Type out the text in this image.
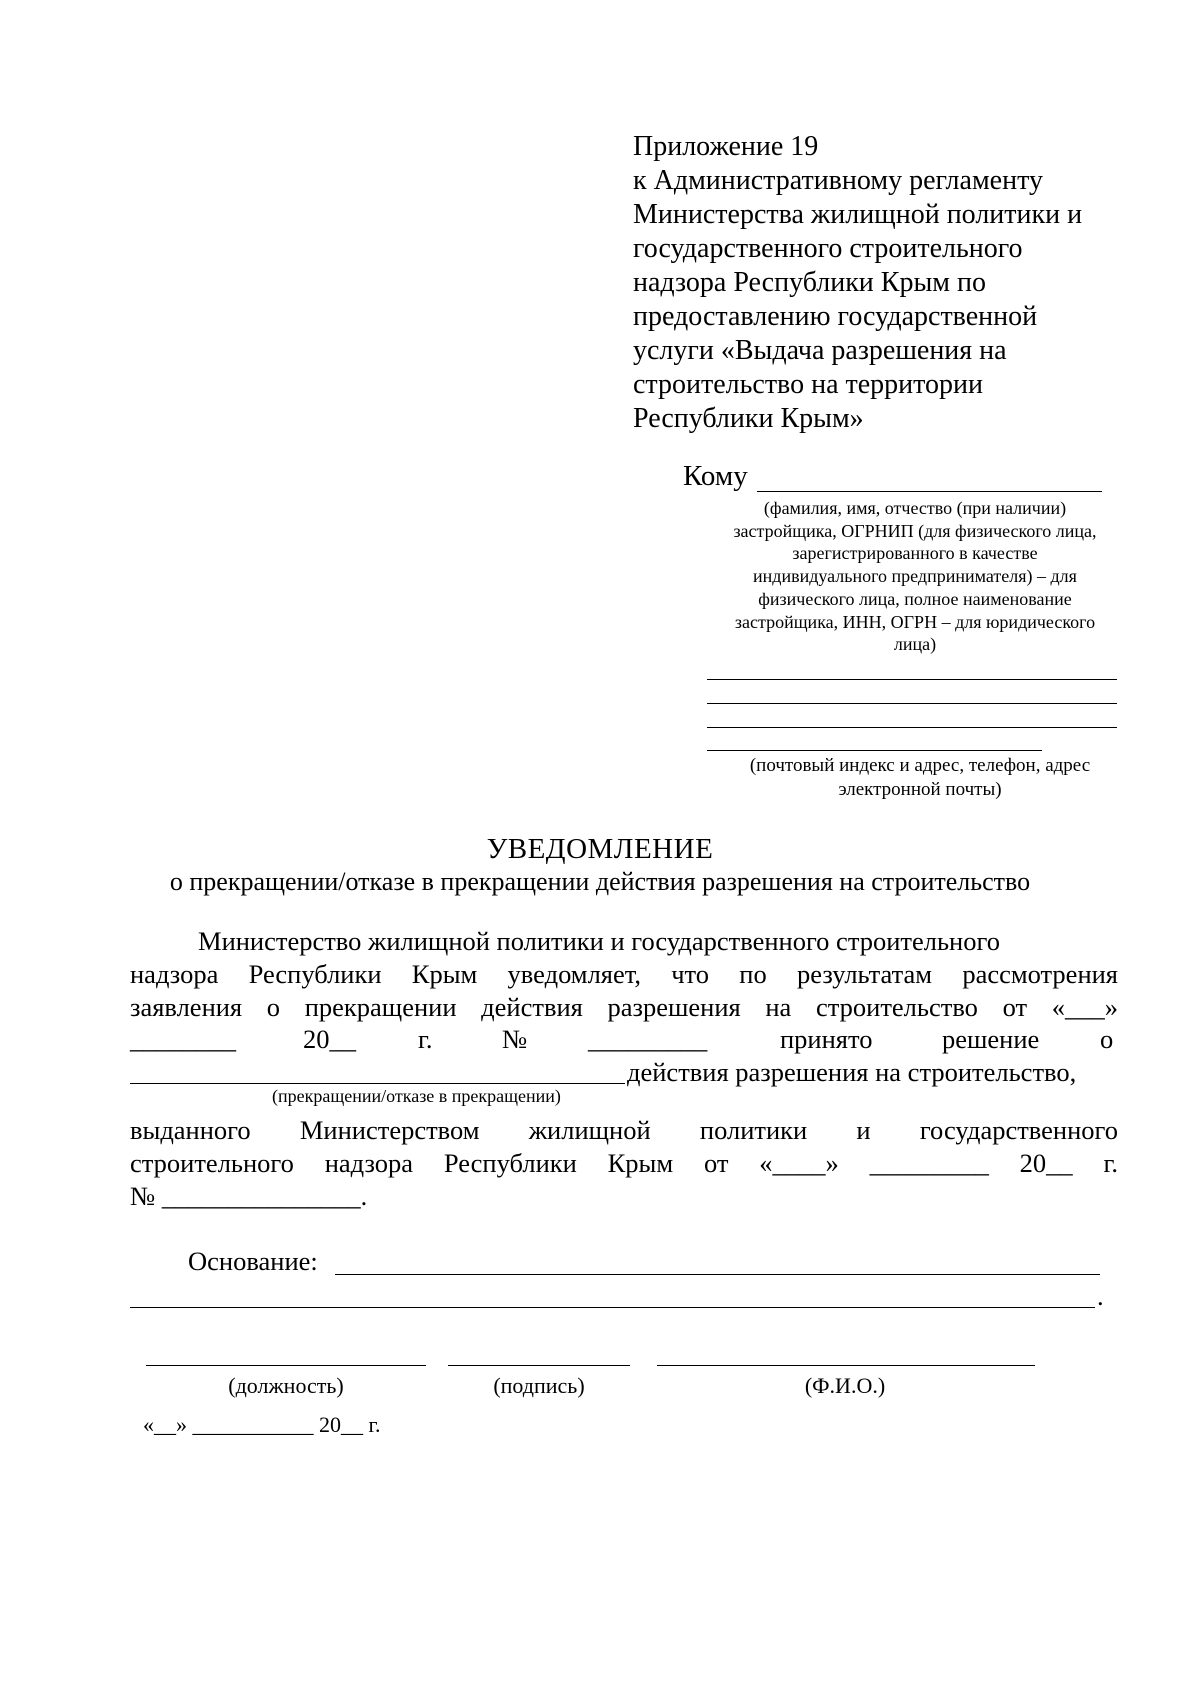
Приложение 19
к Административному регламенту
Министерства жилищной политики и
государственного строительного
надзора Республики Крым по
предоставлению государственной
услуги «Выдача разрешения на
строительство на территории
Республики Крым»
Кому
(фамилия, имя, отчество (при наличии)
застройщика, ОГРНИП (для физического лица,
зарегистрированного в качестве
индивидуального предпринимателя) – для
физического лица, полное наименование
застройщика, ИНН, ОГРН – для юридического
лица)
(почтовый индекс и адрес, телефон, адрес
электронной почты)
УВЕДОМЛЕНИЕ
о прекращении/отказе в прекращении действия разрешения на строительство
Министерство жилищной политики и государственного строительного
надзора Республики Крым уведомляет, что по результатам рассмотрения
заявления о прекращении действия разрешения на строительство от «___»
________	20__ г.	№ _________	принято	решение о
действия разрешения на строительство,
(прекращении/отказе в прекращении)
выданного Министерством жилищной политики и государственного
строительного надзора Республики Крым от «____» _________ 20__ г.
№ _______________.
Основание:
.
(должность)	(подпись)	(Ф.И.О.)
«__» ___________ 20__ г.
